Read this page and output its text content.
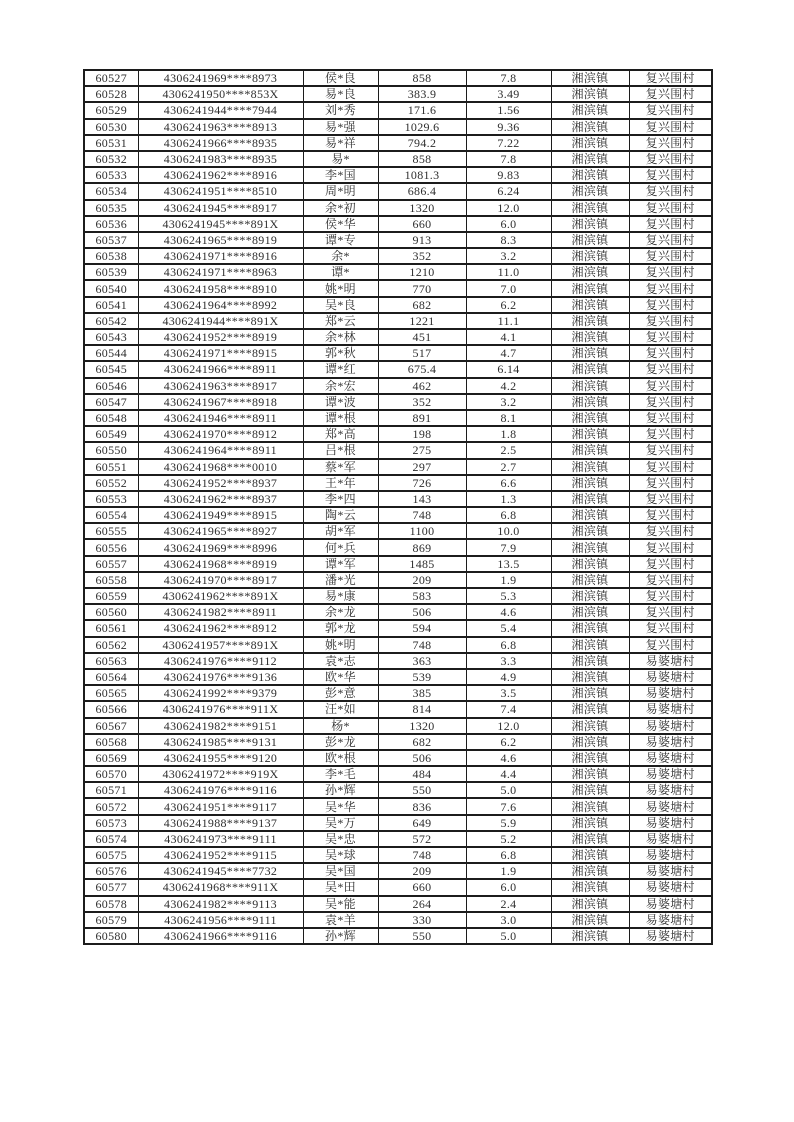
60527	4306241969****8973	侯*良	858	7.8	湘滨镇	复兴围村
60528	4306241950****853X	易*良	383.9	3.49	湘滨镇	复兴围村
60529	4306241944****7944	刘*秀	171.6	1.56	湘滨镇	复兴围村
60530	4306241963****8913	易*强	1029.6	9.36	湘滨镇	复兴围村
60531	4306241966****8935	易*祥	794.2	7.22	湘滨镇	复兴围村
60532	4306241983****8935	易*	858	7.8	湘滨镇	复兴围村
60533	4306241962****8916	李*国	1081.3	9.83	湘滨镇	复兴围村
60534	4306241951****8510	周*明	686.4	6.24	湘滨镇	复兴围村
60535	4306241945****8917	余*初	1320	12.0	湘滨镇	复兴围村
60536	4306241945****891X	侯*华	660	6.0	湘滨镇	复兴围村
60537	4306241965****8919	谭*专	913	8.3	湘滨镇	复兴围村
60538	4306241971****8916	余*	352	3.2	湘滨镇	复兴围村
60539	4306241971****8963	谭*	1210	11.0	湘滨镇	复兴围村
60540	4306241958****8910	姚*明	770	7.0	湘滨镇	复兴围村
60541	4306241964****8992	吴*良	682	6.2	湘滨镇	复兴围村
60542	4306241944****891X	郑*云	1221	11.1	湘滨镇	复兴围村
60543	4306241952****8919	余*林	451	4.1	湘滨镇	复兴围村
60544	4306241971****8915	郭*秋	517	4.7	湘滨镇	复兴围村
60545	4306241966****8911	谭*红	675.4	6.14	湘滨镇	复兴围村
60546	4306241963****8917	余*宏	462	4.2	湘滨镇	复兴围村
60547	4306241967****8918	谭*波	352	3.2	湘滨镇	复兴围村
60548	4306241946****8911	谭*根	891	8.1	湘滨镇	复兴围村
60549	4306241970****8912	郑*高	198	1.8	湘滨镇	复兴围村
60550	4306241964****8911	吕*根	275	2.5	湘滨镇	复兴围村
60551	4306241968****0010	蔡*军	297	2.7	湘滨镇	复兴围村
60552	4306241952****8937	王*年	726	6.6	湘滨镇	复兴围村
60553	4306241962****8937	李*四	143	1.3	湘滨镇	复兴围村
60554	4306241949****8915	陶*云	748	6.8	湘滨镇	复兴围村
60555	4306241965****8927	胡*军	1100	10.0	湘滨镇	复兴围村
60556	4306241969****8996	何*兵	869	7.9	湘滨镇	复兴围村
60557	4306241968****8919	谭*军	1485	13.5	湘滨镇	复兴围村
60558	4306241970****8917	潘*光	209	1.9	湘滨镇	复兴围村
60559	4306241962****891X	易*康	583	5.3	湘滨镇	复兴围村
60560	4306241982****8911	余*龙	506	4.6	湘滨镇	复兴围村
60561	4306241962****8912	郭*龙	594	5.4	湘滨镇	复兴围村
60562	4306241957****891X	姚*明	748	6.8	湘滨镇	复兴围村
60563	4306241976****9112	袁*志	363	3.3	湘滨镇	易婆塘村
60564	4306241976****9136	欧*华	539	4.9	湘滨镇	易婆塘村
60565	4306241992****9379	彭*意	385	3.5	湘滨镇	易婆塘村
60566	4306241976****911X	汪*如	814	7.4	湘滨镇	易婆塘村
60567	4306241982****9151	杨*	1320	12.0	湘滨镇	易婆塘村
60568	4306241985****9131	彭*龙	682	6.2	湘滨镇	易婆塘村
60569	4306241955****9120	欧*根	506	4.6	湘滨镇	易婆塘村
60570	4306241972****919X	李*毛	484	4.4	湘滨镇	易婆塘村
60571	4306241976****9116	孙*辉	550	5.0	湘滨镇	易婆塘村
60572	4306241951****9117	吴*华	836	7.6	湘滨镇	易婆塘村
60573	4306241988****9137	吴*万	649	5.9	湘滨镇	易婆塘村
60574	4306241973****9111	吴*忠	572	5.2	湘滨镇	易婆塘村
60575	4306241952****9115	吴*球	748	6.8	湘滨镇	易婆塘村
60576	4306241945****7732	吴*国	209	1.9	湘滨镇	易婆塘村
60577	4306241968****911X	吴*田	660	6.0	湘滨镇	易婆塘村
60578	4306241982****9113	吴*能	264	2.4	湘滨镇	易婆塘村
60579	4306241956****9111	袁*羊	330	3.0	湘滨镇	易婆塘村
60580	4306241966****9116	孙*辉	550	5.0	湘滨镇	易婆塘村
